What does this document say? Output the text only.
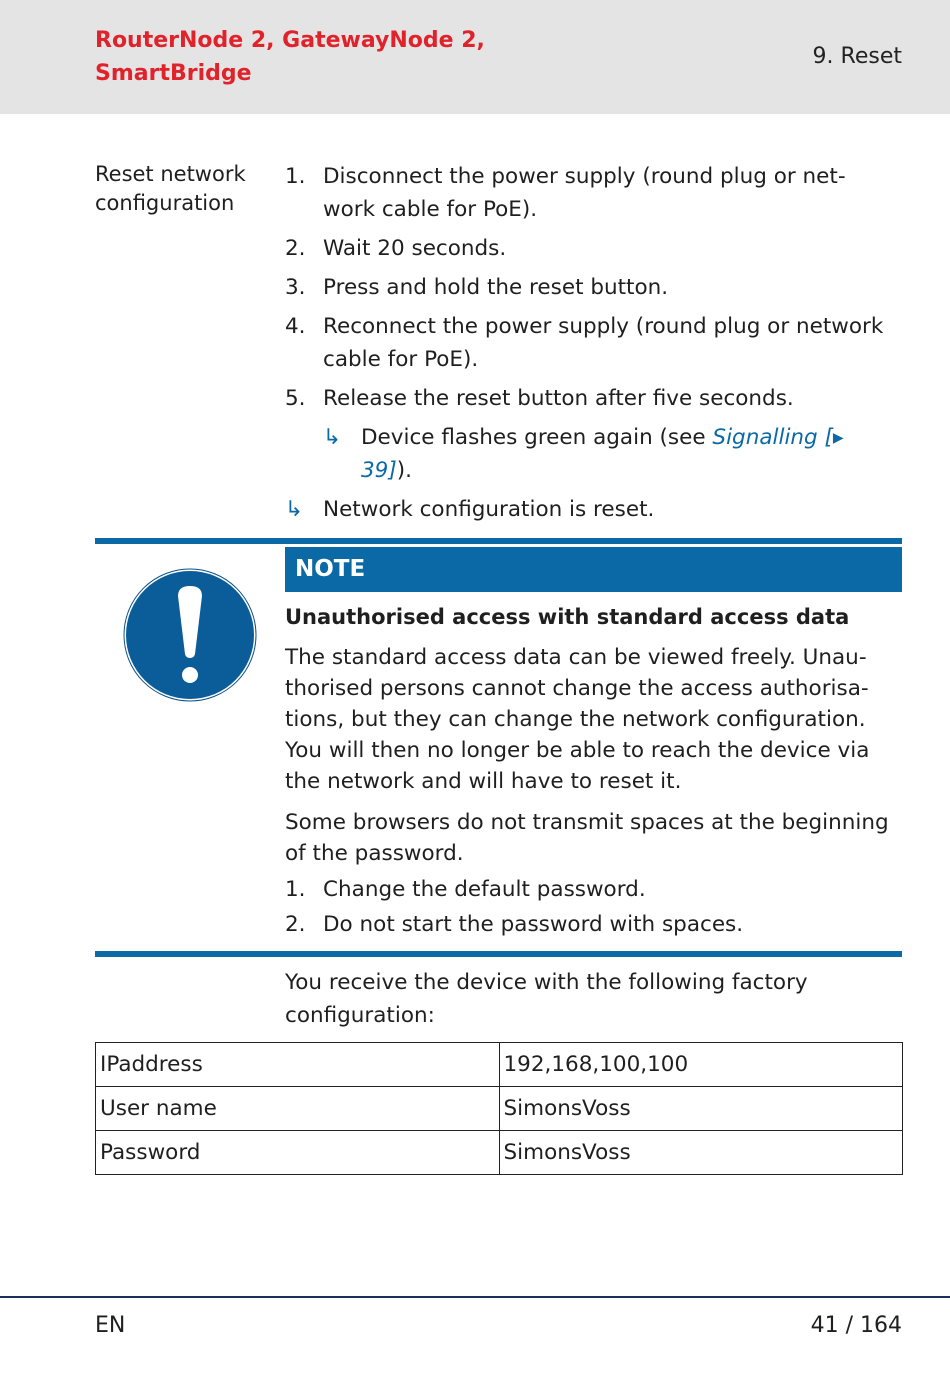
RouterNode 2, GatewayNode 2,
SmartBridge
9. Reset
Reset network configuration
1. Disconnect the power supply (round plug or network cable for PoE).
2. Wait 20 seconds.
3. Press and hold the reset button.
4. Reconnect the power supply (round plug or network cable for PoE).
5. Release the reset button after five seconds.
↳ Device flashes green again (see Signalling [▸ 39]).
↳ Network configuration is reset.
NOTE
Unauthorised access with standard access data

The standard access data can be viewed freely. Unauthorised persons cannot change the access authorisations, but they can change the network configuration. You will then no longer be able to reach the device via the network and will have to reset it.

Some browsers do not transmit spaces at the beginning of the password.

1. Change the default password.
2. Do not start the password with spaces.
You receive the device with the following factory configuration:
IPaddress	192,168,100,100
User name	SimonsVoss
Password	SimonsVoss
EN	41 / 164
